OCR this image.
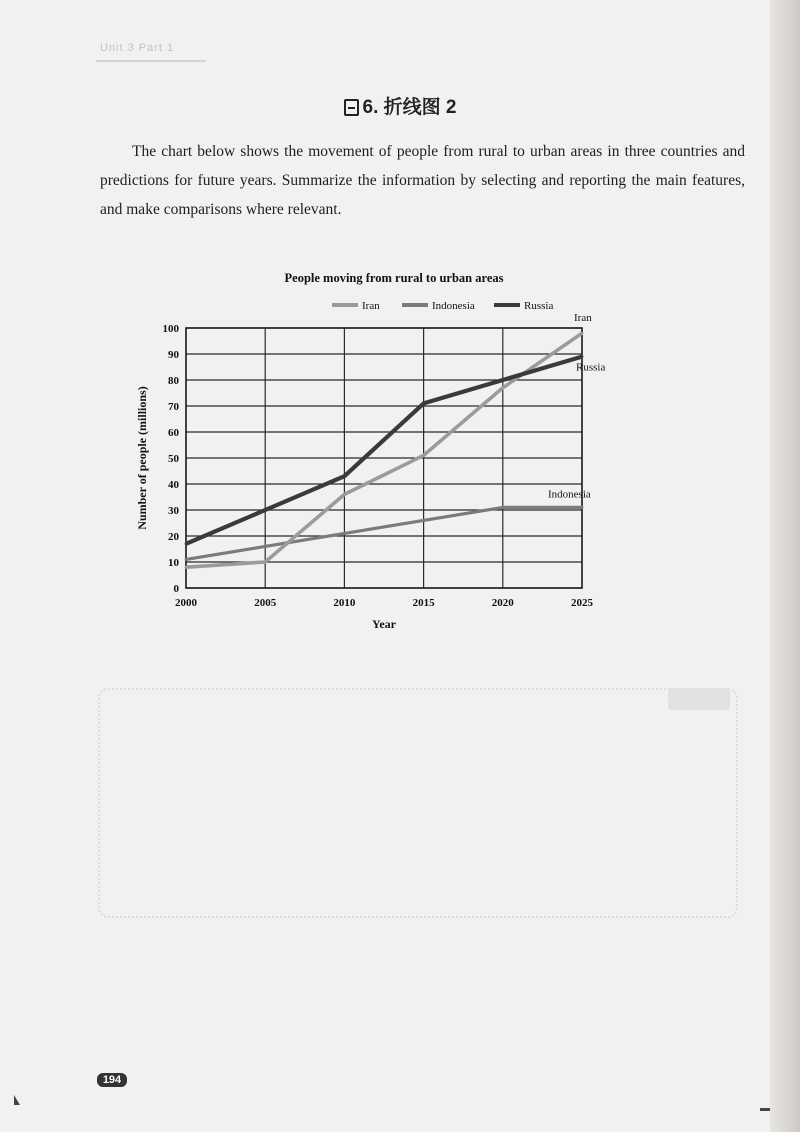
Unit 3 Part 1
6. 折线图 2

The chart below shows the movement of people from rural to urban areas in three countries and predictions for future years. Summarize the information by selecting and reporting the main features, and make comparisons where relevant.

People moving from rural to urban areas
Iran	Indonesia	Russia
0
10
20
30
40
50
60
70
80
90
100
2000	2005	2010	2015	2020	2025
Year
Number of people (millions)
Iran
Indonesia
Russia
194
